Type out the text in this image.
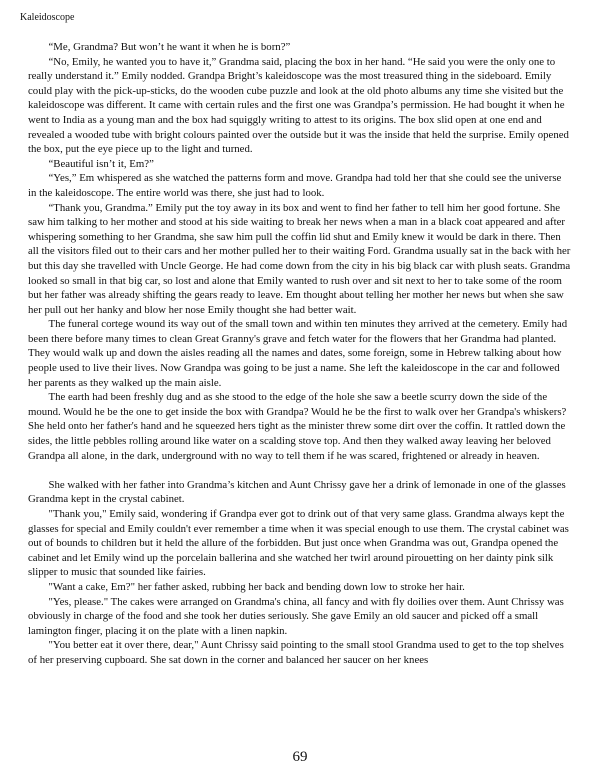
Kaleidoscope

“Me, Grandma? But won’t he want it when he is born?”

“No, Emily, he wanted you to have it,” Grandma said, placing the box in her hand. “He said you were the only one to really understand it.” Emily nodded. Grandpa Bright’s kaleidoscope was the most treasured thing in the sideboard. Emily could play with the pick-up-sticks, do the wooden cube puzzle and look at the old photo albums any time she visited but the kaleidoscope was different. It came with certain rules and the first one was Grandpa’s permission. He had bought it when he went to India as a young man and the box had squiggly writing to attest to its origins. The box slid open at one end and revealed a wooded tube with bright colours painted over the outside but it was the inside that held the surprise. Emily opened the box, put the eye piece up to the light and turned.

“Beautiful isn’t it, Em?”

“Yes,” Em whispered as she watched the patterns form and move. Grandpa had told her that she could see the universe in the kaleidoscope. The entire world was there, she just had to look.

“Thank you, Grandma.” Emily put the toy away in its box and went to find her father to tell him her good fortune. She saw him talking to her mother and stood at his side waiting to break her news when a man in a black coat appeared and after whispering something to her Grandma, she saw him pull the coffin lid shut and Emily knew it would be dark in there. Then all the visitors filed out to their cars and her mother pulled her to their waiting Ford. Grandma usually sat in the back with her but this day she travelled with Uncle George. He had come down from the city in his big black car with plush seats. Grandma looked so small in that big car, so lost and alone that Emily wanted to rush over and sit next to her to take some of the room but her father was already shifting the gears ready to leave. Em thought about telling her mother her news but when she saw her pull out her hanky and blow her nose Emily thought she had better wait.

The funeral cortege wound its way out of the small town and within ten minutes they arrived at the cemetery. Emily had been there before many times to clean Great Granny's grave and fetch water for the flowers that her Grandma had planted. They would walk up and down the aisles reading all the names and dates, some foreign, some in Hebrew talking about how people used to live their lives. Now Grandpa was going to be just a name. She left the kaleidoscope in the car and followed her parents as they walked up the main aisle.

The earth had been freshly dug and as she stood to the edge of the hole she saw a beetle scurry down the side of the mound. Would he be the one to get inside the box with Grandpa? Would he be the first to walk over her Grandpa's whiskers? She held onto her father's hand and he squeezed hers tight as the minister threw some dirt over the coffin. It rattled down the sides, the little pebbles rolling around like water on a scalding stove top. And then they walked away leaving her beloved Grandpa all alone, in the dark, underground with no way to tell them if he was scared, frightened or already in heaven.

She walked with her father into Grandma’s kitchen and Aunt Chrissy gave her a drink of lemonade in one of the glasses Grandma kept in the crystal cabinet.

"Thank you," Emily said, wondering if Grandpa ever got to drink out of that very same glass. Grandma always kept the glasses for special and Emily couldn't ever remember a time when it was special enough to use them. The crystal cabinet was out of bounds to children but it held the allure of the forbidden. But just once when Grandma was out, Grandpa opened the cabinet and let Emily wind up the porcelain ballerina and she watched her twirl around pirouetting on her dainty pink silk slipper to music that sounded like fairies.

"Want a cake, Em?" her father asked, rubbing her back and bending down low to stroke her hair.

"Yes, please." The cakes were arranged on Grandma's china, all fancy and with fly doilies over them. Aunt Chrissy was obviously in charge of the food and she took her duties seriously. She gave Emily an old saucer and picked off a small lamington finger, placing it on the plate with a linen napkin.

"You better eat it over there, dear," Aunt Chrissy said pointing to the small stool Grandma used to get to the top shelves of her preserving cupboard. She sat down in the corner and balanced her saucer on her knees

69
